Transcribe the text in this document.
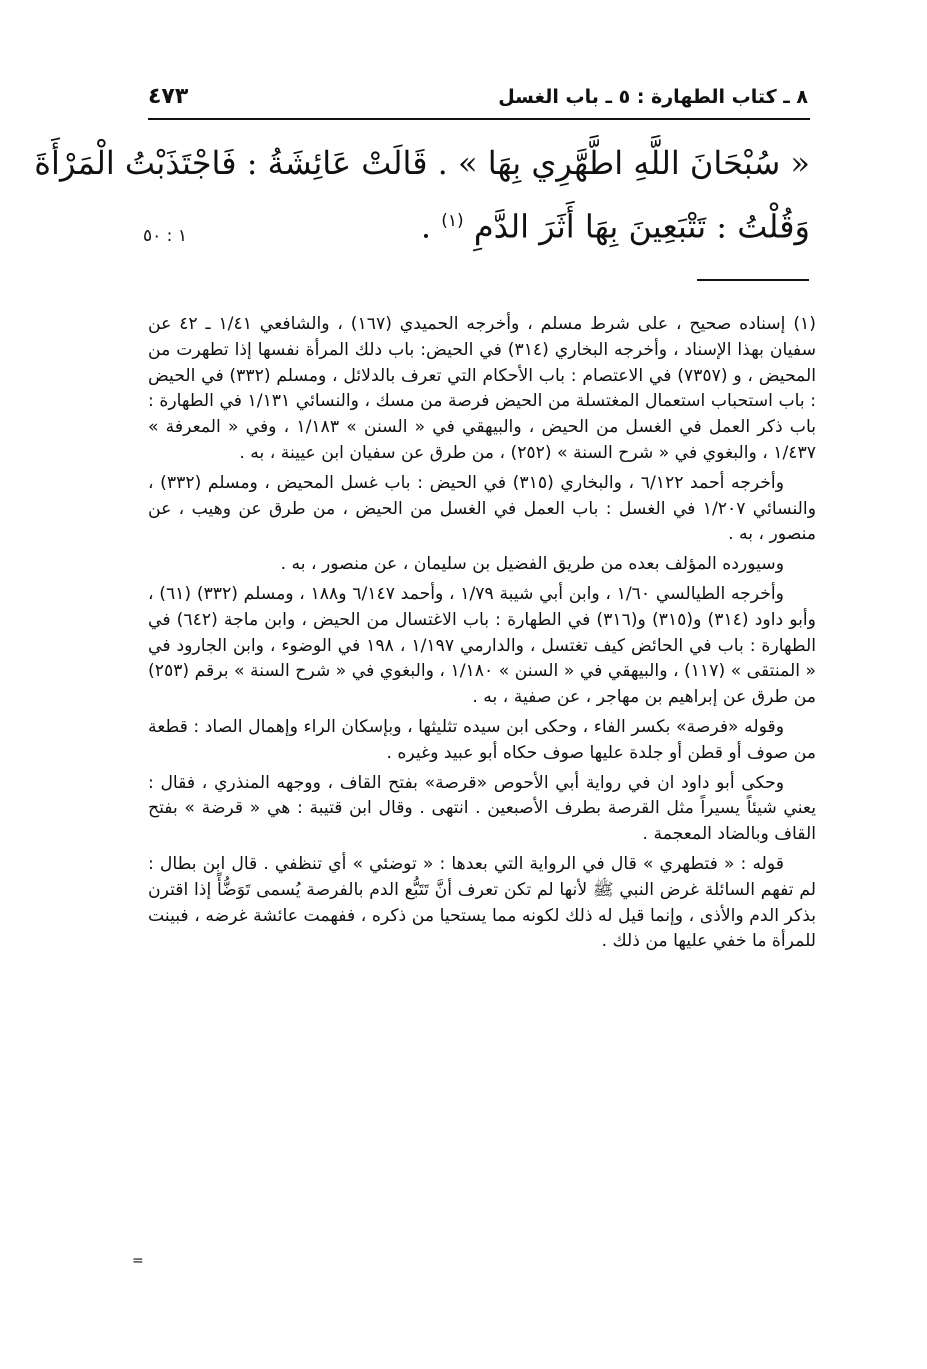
٨ ـ كتاب الطهارة : ٥ ـ باب الغسل
٤٧٣
« سُبْحَانَ اللَّهِ اطَّهَّرِي بِهَا » . قَالَتْ عَائِشَةُ : فَاجْتَذَبْتُ الْمَرْأَةَ
وَقُلْتُ : تَتْبَعِينَ بِهَا أَثَرَ الدَّمِ $^{(١)}$ .
١ : ٥٠

(١) إسناده صحيح ، على شرط مسلم ، وأخرجه الحميدي (١٦٧) ، والشافعي ١/٤١ ـ ٤٢ عن سفيان بهذا الإسناد ، وأخرجه البخاري (٣١٤) في الحيض: باب دلك المرأة نفسها إذا تطهرت من المحيض ، و (٧٣٥٧) في الاعتصام : باب الأحكام التي تعرف بالدلائل ، ومسلم (٣٣٢) في الحيض : باب استحباب استعمال المغتسلة من الحيض فرصة من مسك ، والنسائي ١/١٣١ في الطهارة : باب ذكر العمل في الغسل من الحيض ، والبيهقي في « السنن » ١/١٨٣ ، وفي « المعرفة » ١/٤٣٧ ، والبغوي في « شرح السنة » (٢٥٢) ، من طرق عن سفيان ابن عيينة ، به .

وأخرجه أحمد ٦/١٢٢ ، والبخاري (٣١٥) في الحيض : باب غسل المحيض ، ومسلم (٣٣٢) ، والنسائي ١/٢٠٧ في الغسل : باب العمل في الغسل من الحيض ، من طرق عن وهيب ، عن منصور ، به .

وسيورده المؤلف بعده من طريق الفضيل بن سليمان ، عن منصور ، به .

وأخرجه الطيالسي ١/٦٠ ، وابن أبي شيبة ١/٧٩ ، وأحمد ٦/١٤٧ و١٨٨ ، ومسلم (٣٣٢) (٦١) ، وأبو داود (٣١٤) و(٣١٥) و(٣١٦) في الطهارة : باب الاغتسال من الحيض ، وابن ماجة (٦٤٢) في الطهارة : باب في الحائض كيف تغتسل ، والدارمي ١/١٩٧ ، ١٩٨ في الوضوء ، وابن الجارود في « المنتقى » (١١٧) ، والبيهقي في « السنن » ١/١٨٠ ، والبغوي في « شرح السنة » برقم (٢٥٣) من طرق عن إبراهيم بن مهاجر ، عن صفية ، به .

وقوله «فرصة» بكسر الفاء ، وحكى ابن سيده تثليثها ، وبإسكان الراء وإهمال الصاد : قطعة من صوف أو قطن أو جلدة عليها صوف حكاه أبو عبيد وغيره .

وحكى أبو داود ان في رواية أبي الأحوص «قرصة» بفتح القاف ، ووجهه المنذري ، فقال : يعني شيئاً يسيراً مثل القرصة بطرف الأصبعين . انتهى . وقال ابن قتيبة : هي « قرضة » بفتح القاف وبالضاد المعجمة .

قوله : « فتطهري » قال في الرواية التي بعدها : « توضئي » أي تنظفي . قال ابن بطال : لم تفهم السائلة غرض النبي ﷺ لأنها لم تكن تعرف أنَّ تَتَبُّع الدم بالفرصة يُسمى تَوَضُّأً إذا اقترن بذكر الدم والأذى ، وإنما قيل له ذلك لكونه مما يستحيا من ذكره ، ففهمت عائشة غرضه ، فبينت للمرأة ما خفي عليها من ذلك .

=
